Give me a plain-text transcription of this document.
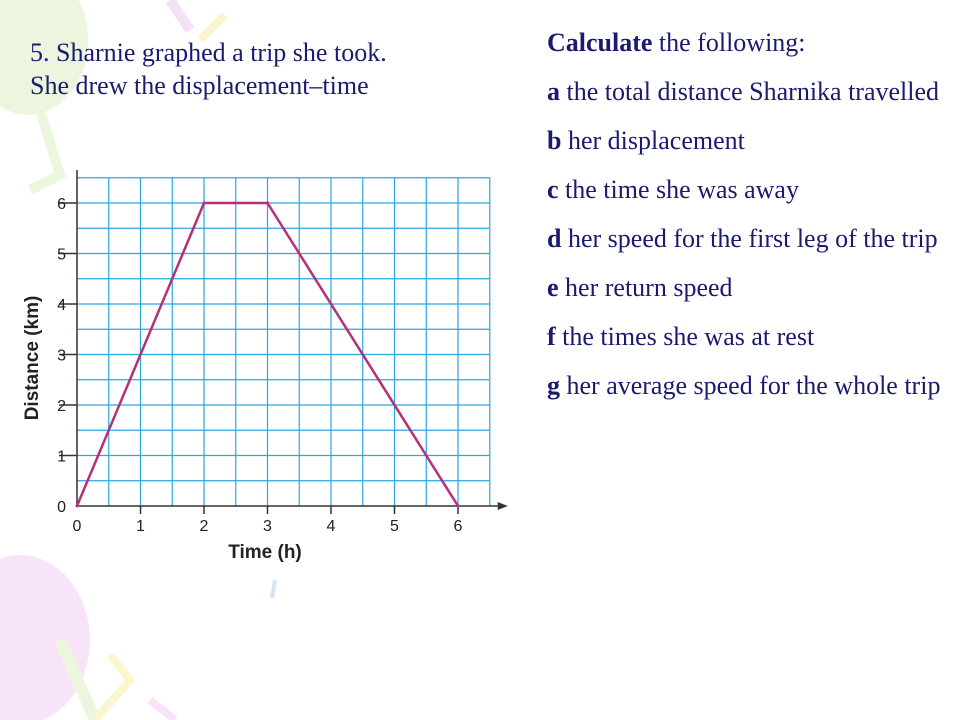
5. Sharnie graphed a trip she took.
She drew the displacement–time
Calculate the following:
a the total distance Sharnika travelled
b her displacement
c the time she was away
d her speed for the first leg of the trip
e her return speed
f the times she was at rest
g her average speed for the whole trip
0	1	2	3	4	5	6
0
1
2
3
4
5
6
Time (h)
Distance (km)
